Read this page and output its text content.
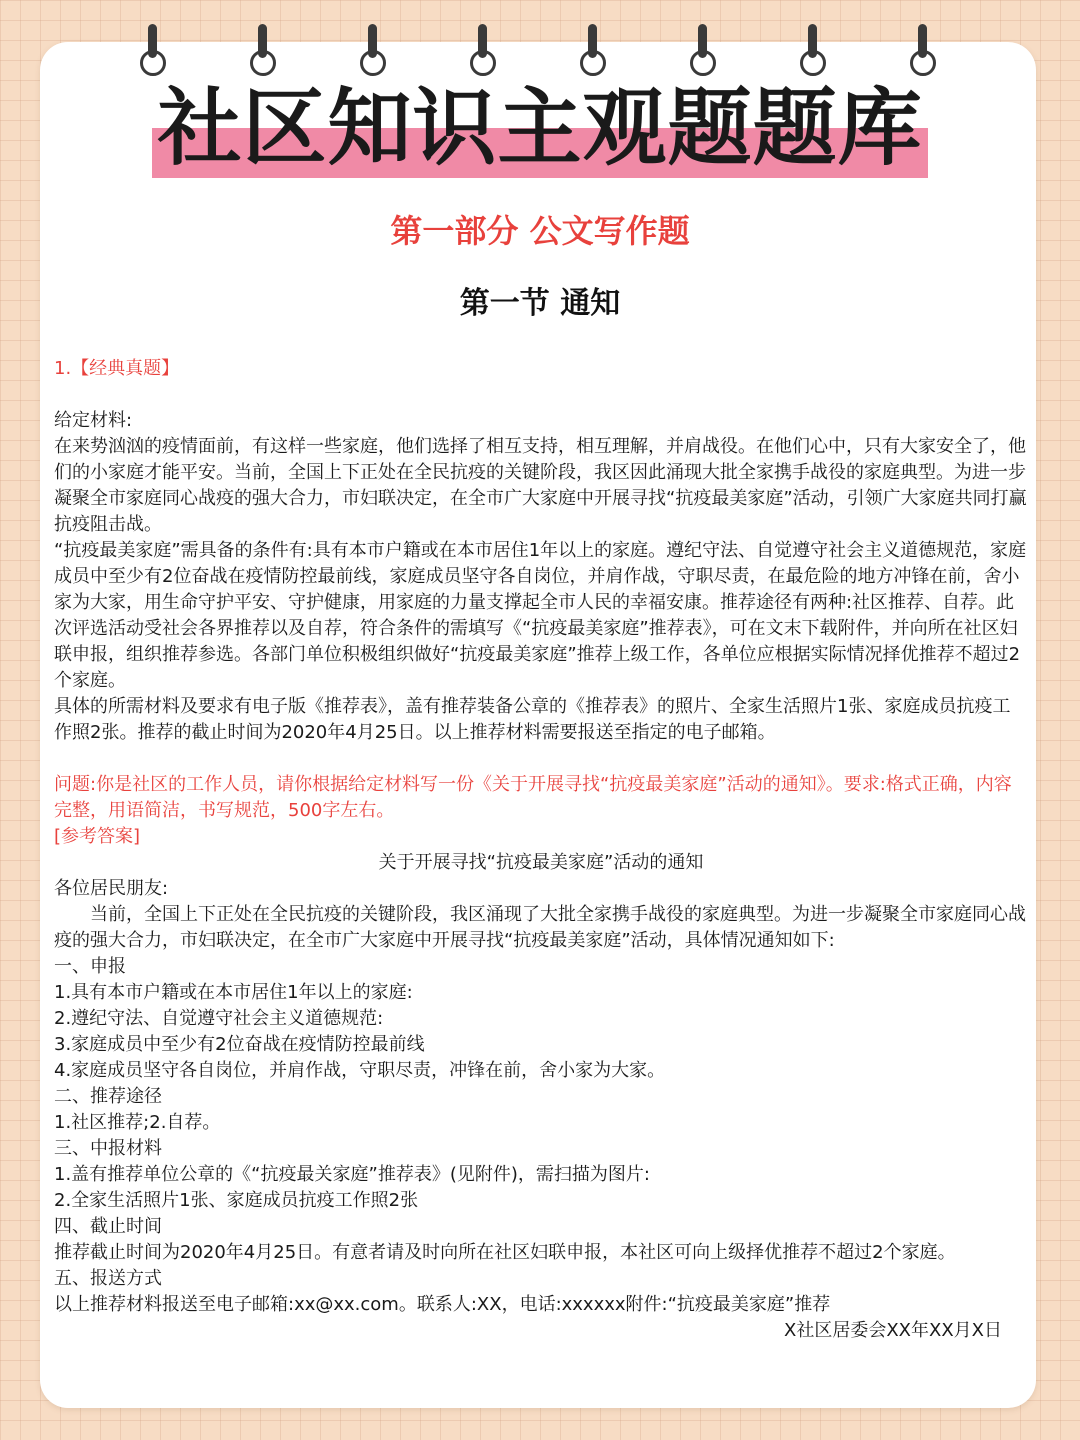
社区知识主观题题库
第一部分 公文写作题
第一节 通知

1.【经典真题】

给定材料:

在来势汹汹的疫情面前，有这样一些家庭，他们选择了相互支持，相互理解，并肩战役。在他们心中，只有大家安全了，他们的小家庭才能平安。当前，全国上下正处在全民抗疫的关键阶段，我区因此涌现大批全家携手战役的家庭典型。为进一步凝聚全市家庭同心战疫的强大合力，市妇联决定，在全市广大家庭中开展寻找“抗疫最美家庭”活动，引领广大家庭共同打赢抗疫阻击战。

“抗疫最美家庭”需具备的条件有:具有本市户籍或在本市居住1年以上的家庭。遵纪守法、自觉遵守社会主义道德规范，家庭成员中至少有2位奋战在疫情防控最前线，家庭成员坚守各自岗位，并肩作战，守职尽责，在最危险的地方冲锋在前，舍小家为大家，用生命守护平安、守护健康，用家庭的力量支撑起全市人民的幸福安康。推荐途径有两种:社区推荐、自荐。此次评选活动受社会各界推荐以及自荐，符合条件的需填写《“抗疫最美家庭”推荐表》，可在文末下载附件，并向所在社区妇联申报，组织推荐参选。各部门单位积极组织做好“抗疫最美家庭”推荐上级工作，各单位应根据实际情况择优推荐不超过2个家庭。

具体的所需材料及要求有电子版《推荐表》，盖有推荐装备公章的《推荐表》的照片、全家生活照片1张、家庭成员抗疫工作照2张。推荐的截止时间为2020年4月25日。以上推荐材料需要报送至指定的电子邮箱。

问题:你是社区的工作人员，请你根据给定材料写一份《关于开展寻找“抗疫最美家庭”活动的通知》。要求:格式正确，内容完整，用语简洁，书写规范，500字左右。

[参考答案]

关于开展寻找“抗疫最美家庭”活动的通知

各位居民朋友:

当前，全国上下正处在全民抗疫的关键阶段，我区涌现了大批全家携手战役的家庭典型。为进一步凝聚全市家庭同心战疫的强大合力，市妇联决定，在全市广大家庭中开展寻找“抗疫最美家庭”活动，具体情况通知如下:

一、申报

1.具有本市户籍或在本市居住1年以上的家庭:

2.遵纪守法、自觉遵守社会主义道德规范:

3.家庭成员中至少有2位奋战在疫情防控最前线

4.家庭成员坚守各自岗位，并肩作战，守职尽责，冲锋在前，舍小家为大家。

二、推荐途径

1.社区推荐;2.自荐。

三、中报材料

1.盖有推荐单位公章的《“抗疫最关家庭”推荐表》(见附件)，需扫描为图片:

2.全家生活照片1张、家庭成员抗疫工作照2张

四、截止时间

推荐截止时间为2020年4月25日。有意者请及时向所在社区妇联申报，本社区可向上级择优推荐不超过2个家庭。

五、报送方式

以上推荐材料报送至电子邮箱:xx@xx.com。联系人:XX，电话:xxxxxx附件:“抗疫最美家庭”推荐

X社区居委会XX年XX月X日
